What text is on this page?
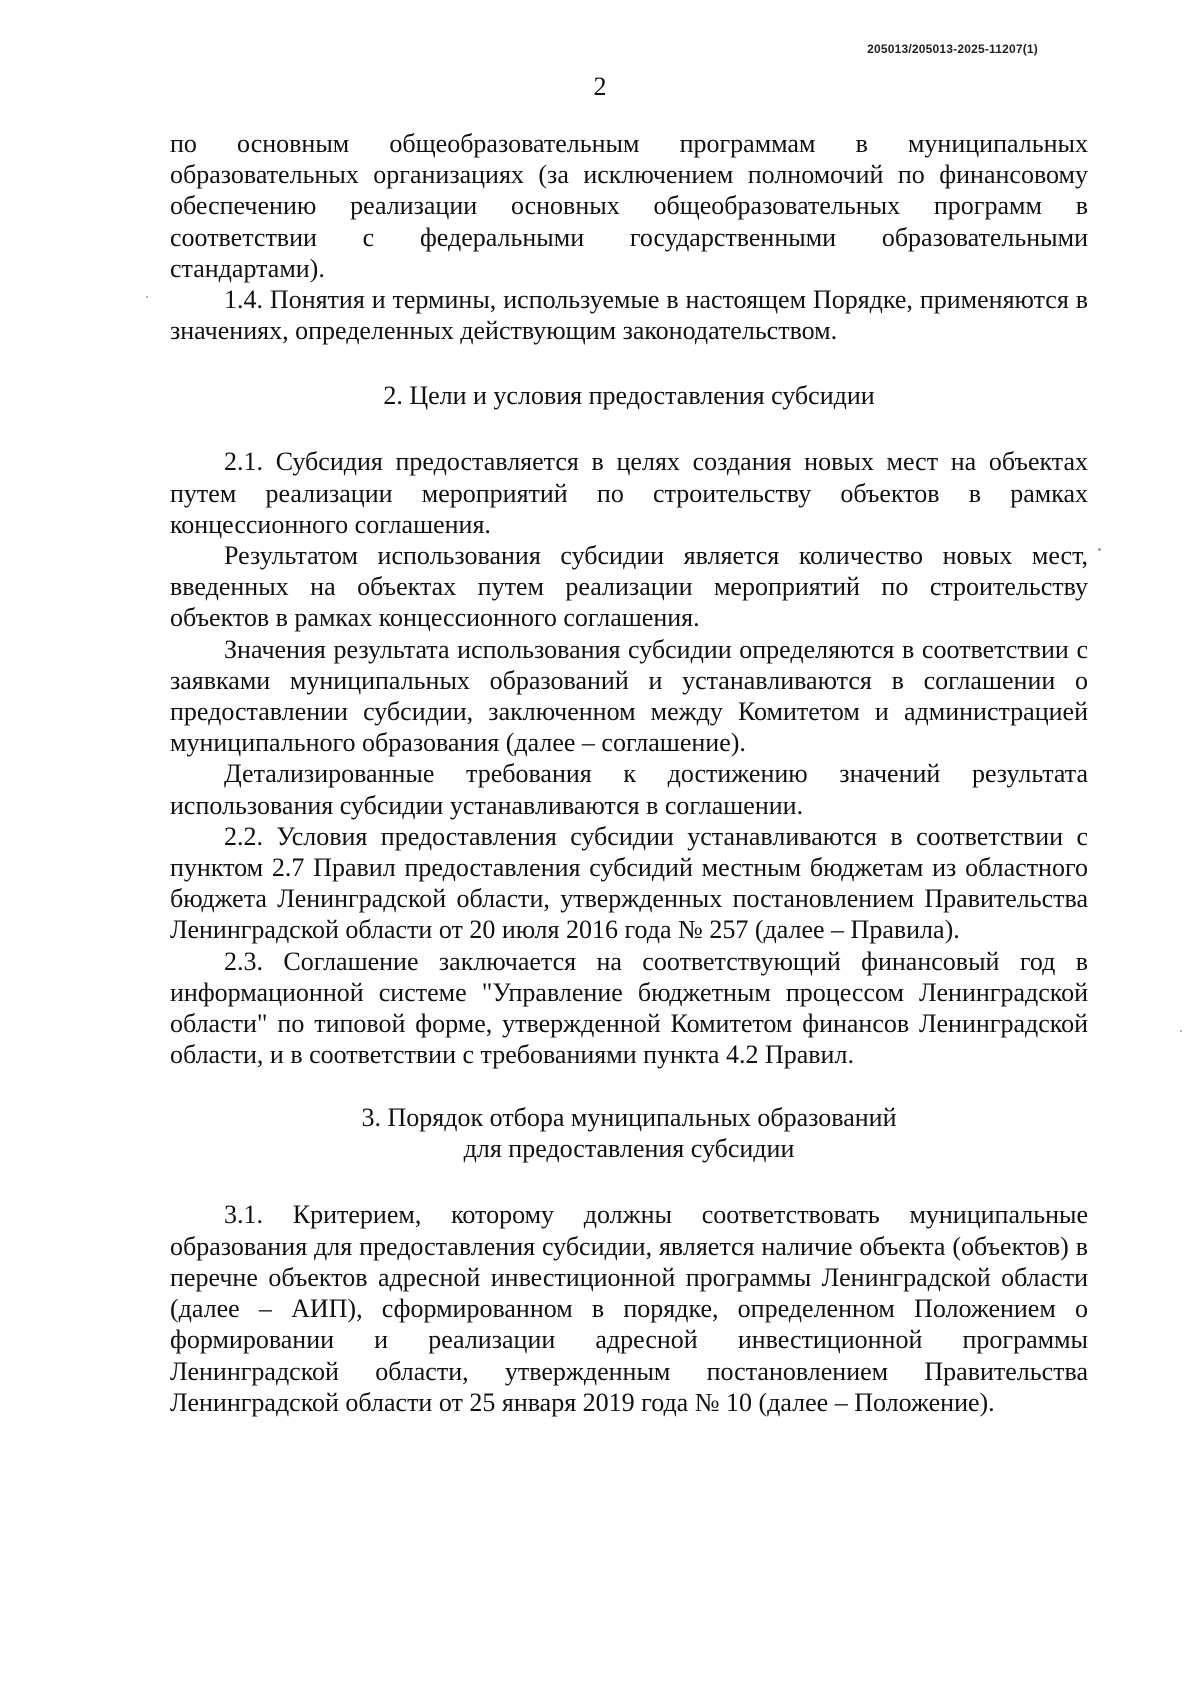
205013/205013-2025-11207(1)
2

по основным общеобразовательным программам в муниципальных образовательных организациях (за исключением полномочий по финансовому обеспечению реализации основных общеобразовательных программ в соответствии с федеральными государственными образовательными стандартами).

1.4. Понятия и термины, используемые в настоящем Порядке, применяются в значениях, определенных действующим законодательством.

2. Цели и условия предоставления субсидии

2.1. Субсидия предоставляется в целях создания новых мест на объектах путем реализации мероприятий по строительству объектов в рамках концессионного соглашения.

Результатом использования субсидии является количество новых мест, введенных на объектах путем реализации мероприятий по строительству объектов в рамках концессионного соглашения.

Значения результата использования субсидии определяются в соответствии с заявками муниципальных образований и устанавливаются в соглашении о предоставлении субсидии, заключенном между Комитетом и администрацией муниципального образования (далее – соглашение).

Детализированные требования к достижению значений результата использования субсидии устанавливаются в соглашении.

2.2. Условия предоставления субсидии устанавливаются в соответствии с пунктом 2.7 Правил предоставления субсидий местным бюджетам из областного бюджета Ленинградской области, утвержденных постановлением Правительства Ленинградской области от 20 июля 2016 года № 257 (далее – Правила).

2.3. Соглашение заключается на соответствующий финансовый год в информационной системе "Управление бюджетным процессом Ленинградской области" по типовой форме, утвержденной Комитетом финансов Ленинградской области, и в соответствии с требованиями пункта 4.2 Правил.

3. Порядок отбора муниципальных образований
для предоставления субсидии

3.1. Критерием, которому должны соответствовать муниципальные образования для предоставления субсидии, является наличие объекта (объектов) в перечне объектов адресной инвестиционной программы Ленинградской области (далее – АИП), сформированном в порядке, определенном Положением о формировании и реализации адресной инвестиционной программы Ленинградской области, утвержденным постановлением Правительства Ленинградской области от 25 января 2019 года № 10 (далее – Положение).
